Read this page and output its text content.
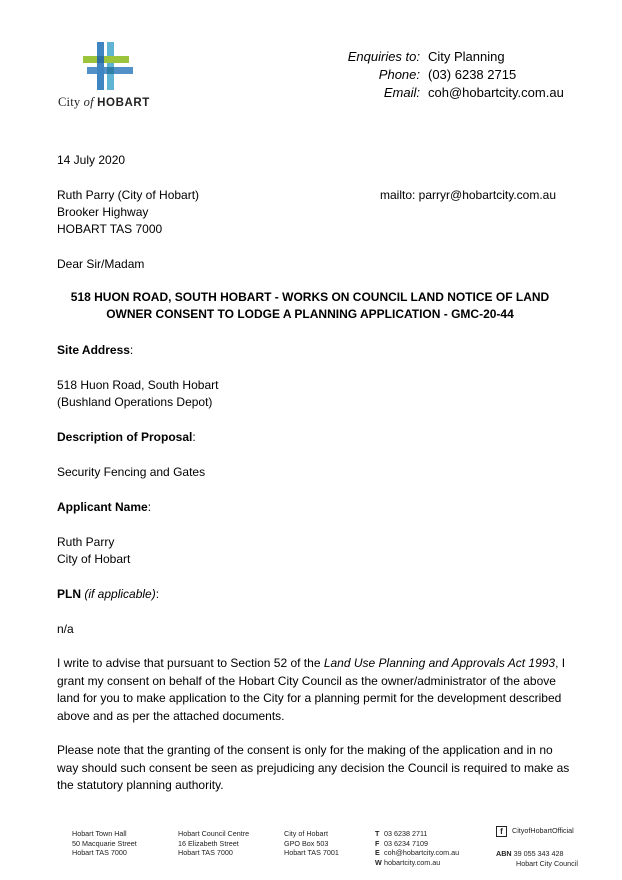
City of HOBART
Enquiries to: City Planning
Phone: (03) 6238 2715
Email: coh@hobartcity.com.au
14 July 2020
Ruth Parry (City of Hobart)
Brooker Highway
HOBART TAS 7000
mailto: parryr@hobartcity.com.au
Dear Sir/Madam
518 HUON ROAD, SOUTH HOBART - WORKS ON COUNCIL LAND NOTICE OF LAND
OWNER CONSENT TO LODGE A PLANNING APPLICATION - GMC-20-44
Site Address:
518 Huon Road, South Hobart
(Bushland Operations Depot)
Description of Proposal:
Security Fencing and Gates
Applicant Name:
Ruth Parry
City of Hobart
PLN (if applicable):
n/a
I write to advise that pursuant to Section 52 of the Land Use Planning and Approvals Act 1993, I grant my consent on behalf of the Hobart City Council as the owner/administrator of the above land for you to make application to the City for a planning permit for the development described above and as per the attached documents.
Please note that the granting of the consent is only for the making of the application and in no way should such consent be seen as prejudicing any decision the Council is required to make as the statutory planning authority.
Hobart Town Hall
50 Macquarie Street
Hobart TAS 7000
Hobart Council Centre
16 Elizabeth Street
Hobart TAS 7000
City of Hobart
GPO Box 503
Hobart TAS 7001
T 03 6238 2711
F 03 6234 7109
E coh@hobartcity.com.au
W hobartcity.com.au
f CityofHobartOfficial
ABN 39 055 343 428
Hobart City Council
